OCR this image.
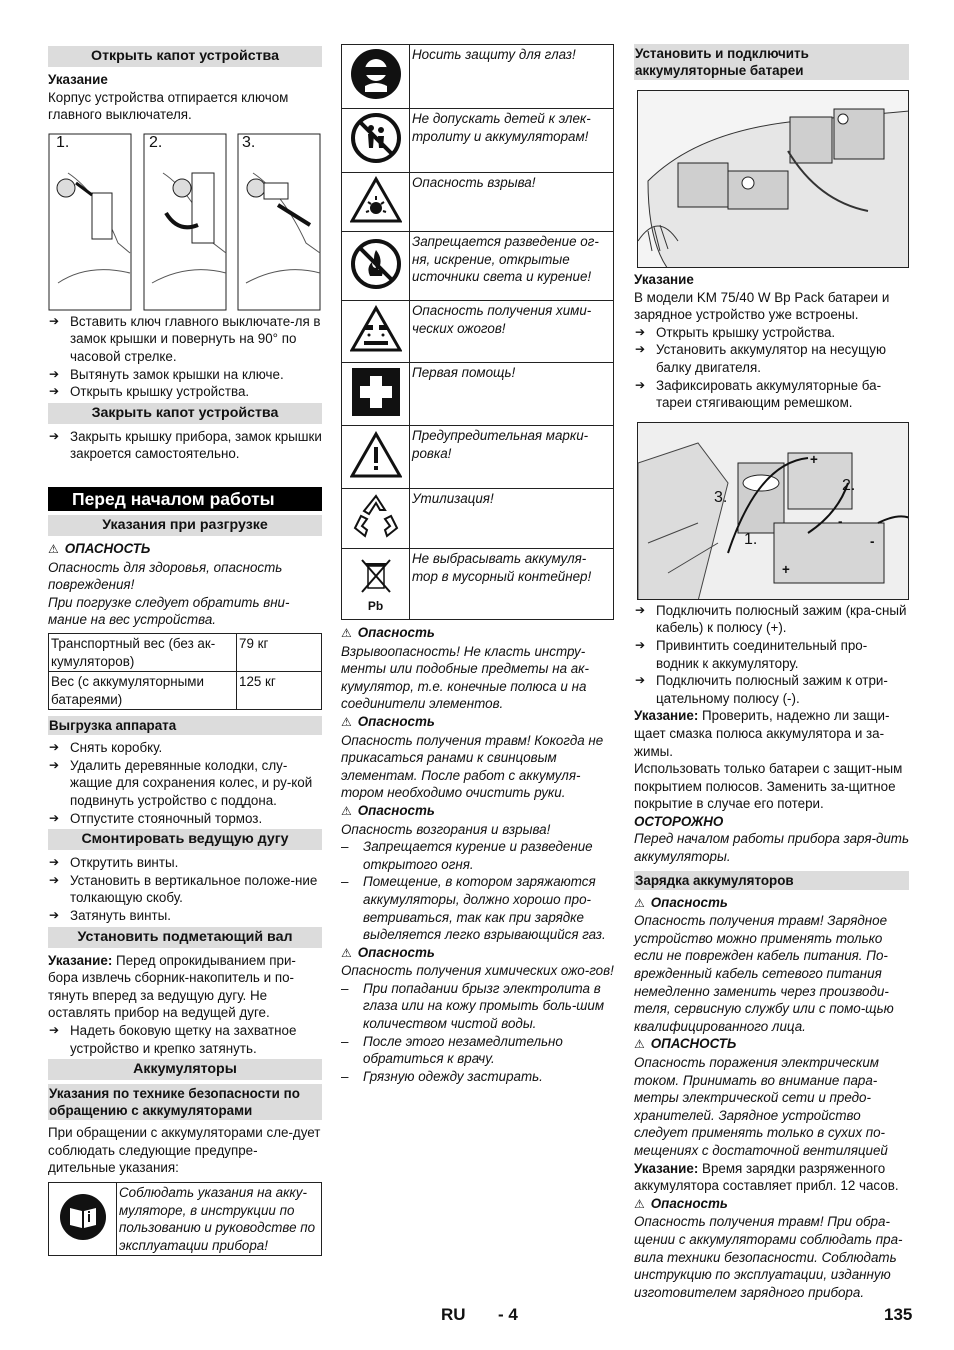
Открыть капот устройства
Указание
Корпус устройства отпирается ключом главного выключателя.
1.	2.	3.
➔ Вставить ключ главного выключате-ля в замок крышки и повернуть на 90° по часовой стрелке.
➔ Вытянуть замок крышки на ключе.
➔ Открыть крышку устройства.
Закрыть капот устройства
➔ Закрыть крышку прибора, замок крышки закроется самостоятельно.
Перед началом работы
Указания при разгрузке
⚠ ОПАСНОСТЬ
Опасность для здоровья, опасность повреждения!
При погрузке следует обратить вни-мание на вес устройства.
Транспортный вес (без ак-кумуляторов)	79 кг
Вес (с аккумуляторными батареями)	125 кг
Выгрузка аппарата
➔ Снять коробку.
➔ Удалить деревянные колодки, слу-жащие для сохранения колес, и ру-кой подвинуть устройство с поддона.
➔ Отпустите стояночный тормоз.
Смонтировать ведущую дугу
➔ Открутить винты.
➔ Установить в вертикальное положе-ние толкающую скобу.
➔ Затянуть винты.
Установить подметающий вал
Указание: Перед опрокидыванием при-бора извлечь сборник-накопитель и по-тянуть вперед за ведущую дугу. Не оставлять прибор на ведущей дуге.
➔ Надеть боковую щетку на захватное устройство и крепко затянуть.
Аккумуляторы
Указания по технике безопасности по обращению с аккумуляторами
При обращении с аккумуляторами сле-дует соблюдать следующие предупре-дительные указания:
	Соблюдать указания на акку-муляторе, в инструкции по пользованию и руководстве по эксплуатации прибора!
	Носить защиту для глаз!
	Не допускать детей к элек-тролиту и аккумуляторам!
	Опасность взрыва!
	Запрещается разведение ог-ня, искрение, открытые источники света и курение!
	Опасность получения хими-ческих ожогов!
	Первая помощь!
	Предупредительная марки-ровка!
	Утилизация!

Pb	Не выбрасывать аккумуля-тор в мусорный контейнер!
⚠ Опасность
Взрывоопасность! Не класть инстру-менты или подобные предметы на ак-кумулятор, т.е. конечные полюса и на соединители элементов.
⚠ Опасность
Опасность получения травм! Кокогда не прикасаться ранами к свинцовым элементам. После работ с аккумуля-тором необходимо очистить руки.
⚠ Опасность
Опасность возгорания и взрыва!
– Запрещается курение и разведение открытого огня.
– Помещение, в котором заряжаются аккумуляторы, должно хорошо про-ветриваться, так как при зарядке выделяется легко взрывающийся газ.
⚠ Опасность
Опасность получения химических ожо-гов!
– При попадании брызг электролита в глаза или на кожу промыть боль-шим количеством чистой воды.
– После этого незамедлительно обратиться к врачу.
– Грязную одежду застирать.
Установить и подключить аккумуляторные батареи
Указание
В модели KM 75/40 W Bp Pack батареи и зарядное устройство уже встроены.
➔ Открыть крышку устройства.
➔ Установить аккумулятор на несущую балку двигателя.
➔ Зафиксировать аккумуляторные ба-тареи стягивающим ремешком.
1.
2.
3.
+
-
+
-
➔ Подключить полюсный зажим (кра-сный кабель) к полюсу (+).
➔ Привинтить соединительный про-водник к аккумулятору.
➔ Подключить полюсный зажим к отри-цательному полюсу (-).
Указание: Проверить, надежно ли защи-щает смазка полюса аккумулятора и за-жимы.
Использовать только батареи с защит-ным покрытием полюсов. Заменить за-щитное покрытие в случае его потери.
ОСТОРОЖНО
Перед началом работы прибора заря-дить аккумуляторы.
Зарядка аккумуляторов
⚠ Опасность
Опасность получения травм! Зарядное устройство можно применять только если не поврежден кабель питания. По-врежденный кабель сетевого питания немедленно заменить через производи-теля, сервисную службу или с помо-щью квалифицированного лица.
⚠ ОПАСНОСТЬ
Опасность поражения электрическим током. Принимать во внимание пара-метры электрической сети и предо-хранителей. Зарядное устройство следует применять только в сухих по-мещениях с достаточной вентиляцией
Указание: Время зарядки разряженного аккумулятора составляет прибл. 12 часов.
⚠ Опасность
Опасность получения травм! При обра-щении с аккумуляторами соблюдать пра-вила техники безопасности. Соблюдать инструкцию по эксплуатации, изданную изготовителем зарядного прибора.
RU - 4	135
